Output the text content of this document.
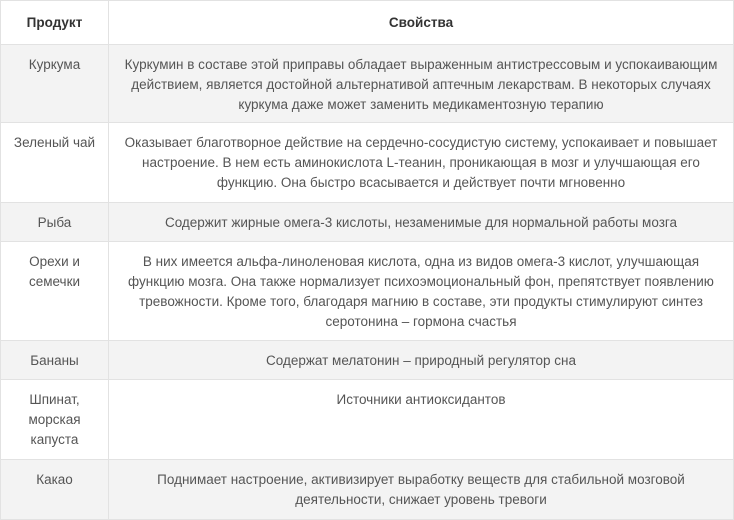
Продукт	Свойства
Куркума	Куркумин в составе этой приправы обладает выраженным антистрессовым и успокаивающим действием, является достойной альтернативой аптечным лекарствам. В некоторых случаях куркума даже может заменить медикаментозную терапию
Зеленый чай	Оказывает благотворное действие на сердечно-сосудистую систему, успокаивает и повышает настроение. В нем есть аминокислота L-теанин, проникающая в мозг и улучшающая его функцию. Она быстро всасывается и действует почти мгновенно
Рыба	Содержит жирные омега-3 кислоты, незаменимые для нормальной работы мозга
Орехи и семечки	В них имеется альфа-линоленовая кислота, одна из видов омега-3 кислот, улучшающая функцию мозга. Она также нормализует психоэмоциональный фон, препятствует появлению тревожности. Кроме того, благодаря магнию в составе, эти продукты стимулируют синтез серотонина – гормона счастья
Бананы	Содержат мелатонин – природный регулятор сна
Шпинат, морская капуста	Источники антиоксидантов
Какао	Поднимает настроение, активизирует выработку веществ для стабильной мозговой деятельности, снижает уровень тревоги
